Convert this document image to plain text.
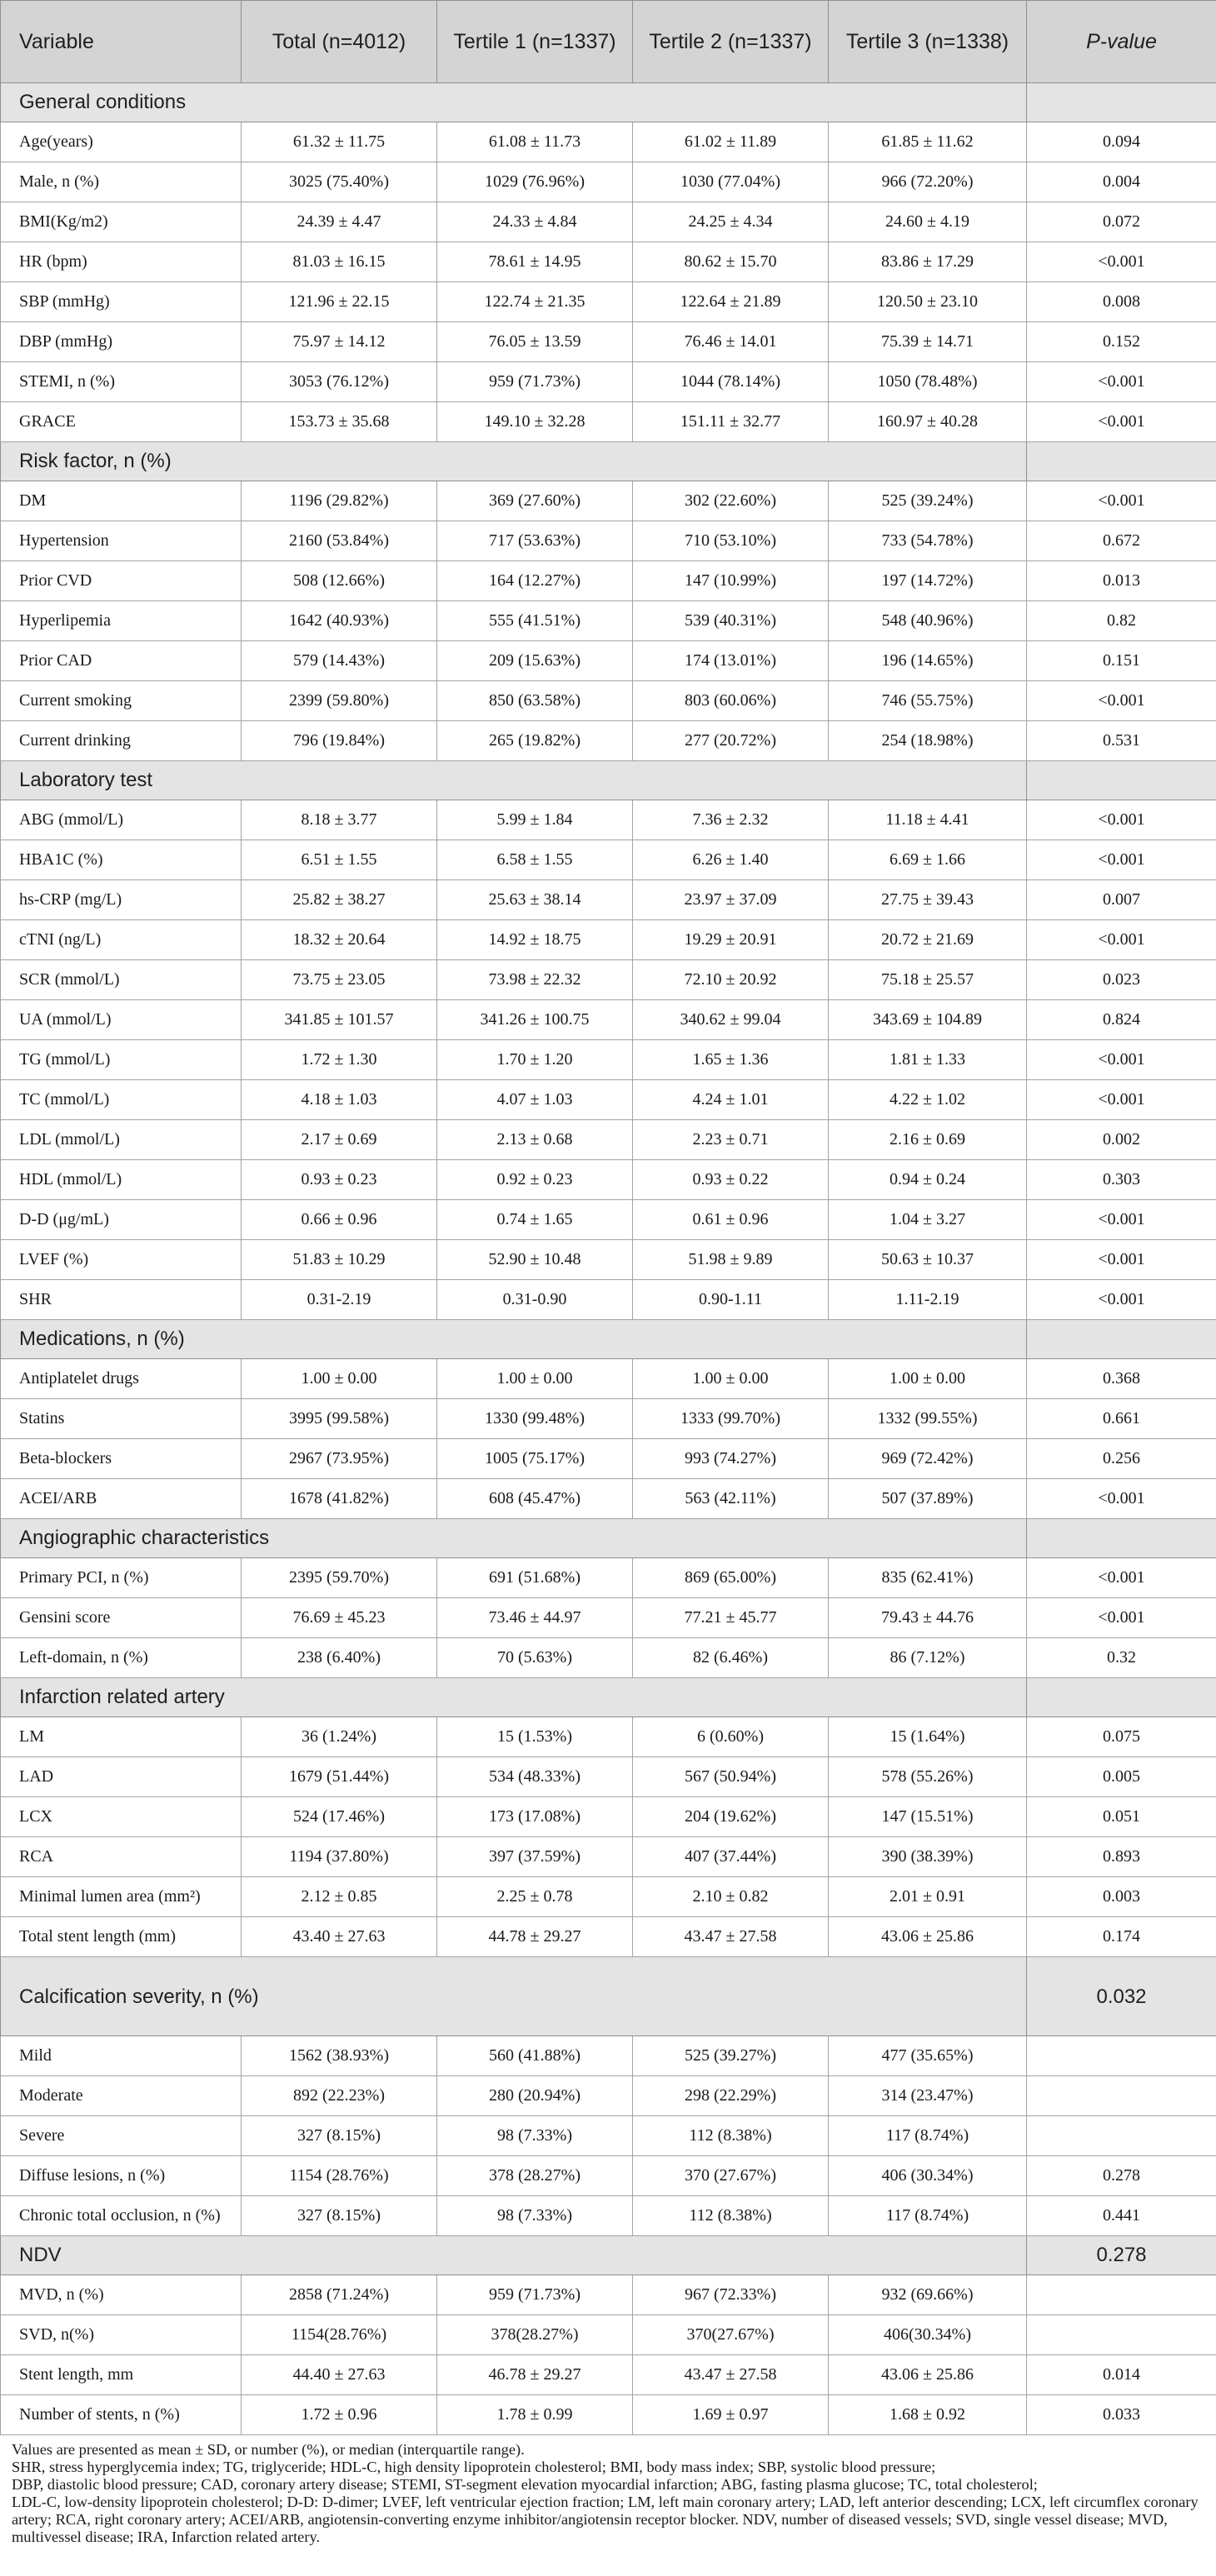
Variable	Total (n=4012)	Tertile 1 (n=1337)	Tertile 2 (n=1337)	Tertile 3 (n=1338)	P-value
General conditions					
Age(years)	61.32 ± 11.75	61.08 ± 11.73	61.02 ± 11.89	61.85 ± 11.62	0.094
Male, n (%)	3025 (75.40%)	1029 (76.96%)	1030 (77.04%)	966 (72.20%)	0.004
BMI(Kg/m2)	24.39 ± 4.47	24.33 ± 4.84	24.25 ± 4.34	24.60 ± 4.19	0.072
HR (bpm)	81.03 ± 16.15	78.61 ± 14.95	80.62 ± 15.70	83.86 ± 17.29	<0.001
SBP (mmHg)	121.96 ± 22.15	122.74 ± 21.35	122.64 ± 21.89	120.50 ± 23.10	0.008
DBP (mmHg)	75.97 ± 14.12	76.05 ± 13.59	76.46 ± 14.01	75.39 ± 14.71	0.152
STEMI, n (%)	3053 (76.12%)	959 (71.73%)	1044 (78.14%)	1050 (78.48%)	<0.001
GRACE	153.73 ± 35.68	149.10 ± 32.28	151.11 ± 32.77	160.97 ± 40.28	<0.001
Risk factor, n (%)					
DM	1196 (29.82%)	369 (27.60%)	302 (22.60%)	525 (39.24%)	<0.001
Hypertension	2160 (53.84%)	717 (53.63%)	710 (53.10%)	733 (54.78%)	0.672
Prior CVD	508 (12.66%)	164 (12.27%)	147 (10.99%)	197 (14.72%)	0.013
Hyperlipemia	1642 (40.93%)	555 (41.51%)	539 (40.31%)	548 (40.96%)	0.82
Prior CAD	579 (14.43%)	209 (15.63%)	174 (13.01%)	196 (14.65%)	0.151
Current smoking	2399 (59.80%)	850 (63.58%)	803 (60.06%)	746 (55.75%)	<0.001
Current drinking	796 (19.84%)	265 (19.82%)	277 (20.72%)	254 (18.98%)	0.531
Laboratory test					
ABG (mmol/L)	8.18 ± 3.77	5.99 ± 1.84	7.36 ± 2.32	11.18 ± 4.41	<0.001
HBA1C (%)	6.51 ± 1.55	6.58 ± 1.55	6.26 ± 1.40	6.69 ± 1.66	<0.001
hs-CRP (mg/L)	25.82 ± 38.27	25.63 ± 38.14	23.97 ± 37.09	27.75 ± 39.43	0.007
cTNI (ng/L)	18.32 ± 20.64	14.92 ± 18.75	19.29 ± 20.91	20.72 ± 21.69	<0.001
SCR (mmol/L)	73.75 ± 23.05	73.98 ± 22.32	72.10 ± 20.92	75.18 ± 25.57	0.023
UA (mmol/L)	341.85 ± 101.57	341.26 ± 100.75	340.62 ± 99.04	343.69 ± 104.89	0.824
TG (mmol/L)	1.72 ± 1.30	1.70 ± 1.20	1.65 ± 1.36	1.81 ± 1.33	<0.001
TC (mmol/L)	4.18 ± 1.03	4.07 ± 1.03	4.24 ± 1.01	4.22 ± 1.02	<0.001
LDL (mmol/L)	2.17 ± 0.69	2.13 ± 0.68	2.23 ± 0.71	2.16 ± 0.69	0.002
HDL (mmol/L)	0.93 ± 0.23	0.92 ± 0.23	0.93 ± 0.22	0.94 ± 0.24	0.303
D-D (μg/mL)	0.66 ± 0.96	0.74 ± 1.65	0.61 ± 0.96	1.04 ± 3.27	<0.001
LVEF (%)	51.83 ± 10.29	52.90 ± 10.48	51.98 ± 9.89	50.63 ± 10.37	<0.001
SHR	0.31-2.19	0.31-0.90	0.90-1.11	1.11-2.19	<0.001
Medications, n (%)					
Antiplatelet drugs	1.00 ± 0.00	1.00 ± 0.00	1.00 ± 0.00	1.00 ± 0.00	0.368
Statins	3995 (99.58%)	1330 (99.48%)	1333 (99.70%)	1332 (99.55%)	0.661
Beta-blockers	2967 (73.95%)	1005 (75.17%)	993 (74.27%)	969 (72.42%)	0.256
ACEI/ARB	1678 (41.82%)	608 (45.47%)	563 (42.11%)	507 (37.89%)	<0.001
Angiographic characteristics					
Primary PCI, n (%)	2395 (59.70%)	691 (51.68%)	869 (65.00%)	835 (62.41%)	<0.001
Gensini score	76.69 ± 45.23	73.46 ± 44.97	77.21 ± 45.77	79.43 ± 44.76	<0.001
Left-domain, n (%)	238 (6.40%)	70 (5.63%)	82 (6.46%)	86 (7.12%)	0.32
Infarction related artery					
LM	36 (1.24%)	15 (1.53%)	6 (0.60%)	15 (1.64%)	0.075
LAD	1679 (51.44%)	534 (48.33%)	567 (50.94%)	578 (55.26%)	0.005
LCX	524 (17.46%)	173 (17.08%)	204 (19.62%)	147 (15.51%)	0.051
RCA	1194 (37.80%)	397 (37.59%)	407 (37.44%)	390 (38.39%)	0.893
Minimal lumen area (mm²)	2.12 ± 0.85	2.25 ± 0.78	2.10 ± 0.82	2.01 ± 0.91	0.003
Total stent length (mm)	43.40 ± 27.63	44.78 ± 29.27	43.47 ± 27.58	43.06 ± 25.86	0.174
Calcification severity, n (%)					0.032
Mild	1562 (38.93%)	560 (41.88%)	525 (39.27%)	477 (35.65%)	
Moderate	892 (22.23%)	280 (20.94%)	298 (22.29%)	314 (23.47%)	
Severe	327 (8.15%)	98 (7.33%)	112 (8.38%)	117 (8.74%)	
Diffuse lesions, n (%)	1154 (28.76%)	378 (28.27%)	370 (27.67%)	406 (30.34%)	0.278
Chronic total occlusion, n (%)	327 (8.15%)	98 (7.33%)	112 (8.38%)	117 (8.74%)	0.441
NDV					0.278
MVD, n (%)	2858 (71.24%)	959 (71.73%)	967 (72.33%)	932 (69.66%)	
SVD, n(%)	1154(28.76%)	378(28.27%)	370(27.67%)	406(30.34%)	
Stent length, mm	44.40 ± 27.63	46.78 ± 29.27	43.47 ± 27.58	43.06 ± 25.86	0.014
Number of stents, n (%)	1.72 ± 0.96	1.78 ± 0.99	1.69 ± 0.97	1.68 ± 0.92	0.033
Values are presented as mean ± SD, or number (%), or median (interquartile range).
SHR, stress hyperglycemia index; TG, triglyceride; HDL-C, high density lipoprotein cholesterol; BMI, body mass index; SBP, systolic blood pressure;
DBP, diastolic blood pressure; CAD, coronary artery disease; STEMI, ST-segment elevation myocardial infarction; ABG, fasting plasma glucose; TC, total cholesterol;
LDL-C, low-density lipoprotein cholesterol; D-D: D-dimer; LVEF, left ventricular ejection fraction; LM, left main coronary artery; LAD, left anterior descending; LCX, left circumflex coronary artery; RCA, right coronary artery; ACEI/ARB, angiotensin-converting enzyme inhibitor/angiotensin receptor blocker. NDV, number of diseased vessels; SVD, single vessel disease; MVD, multivessel disease; IRA, Infarction related artery.
